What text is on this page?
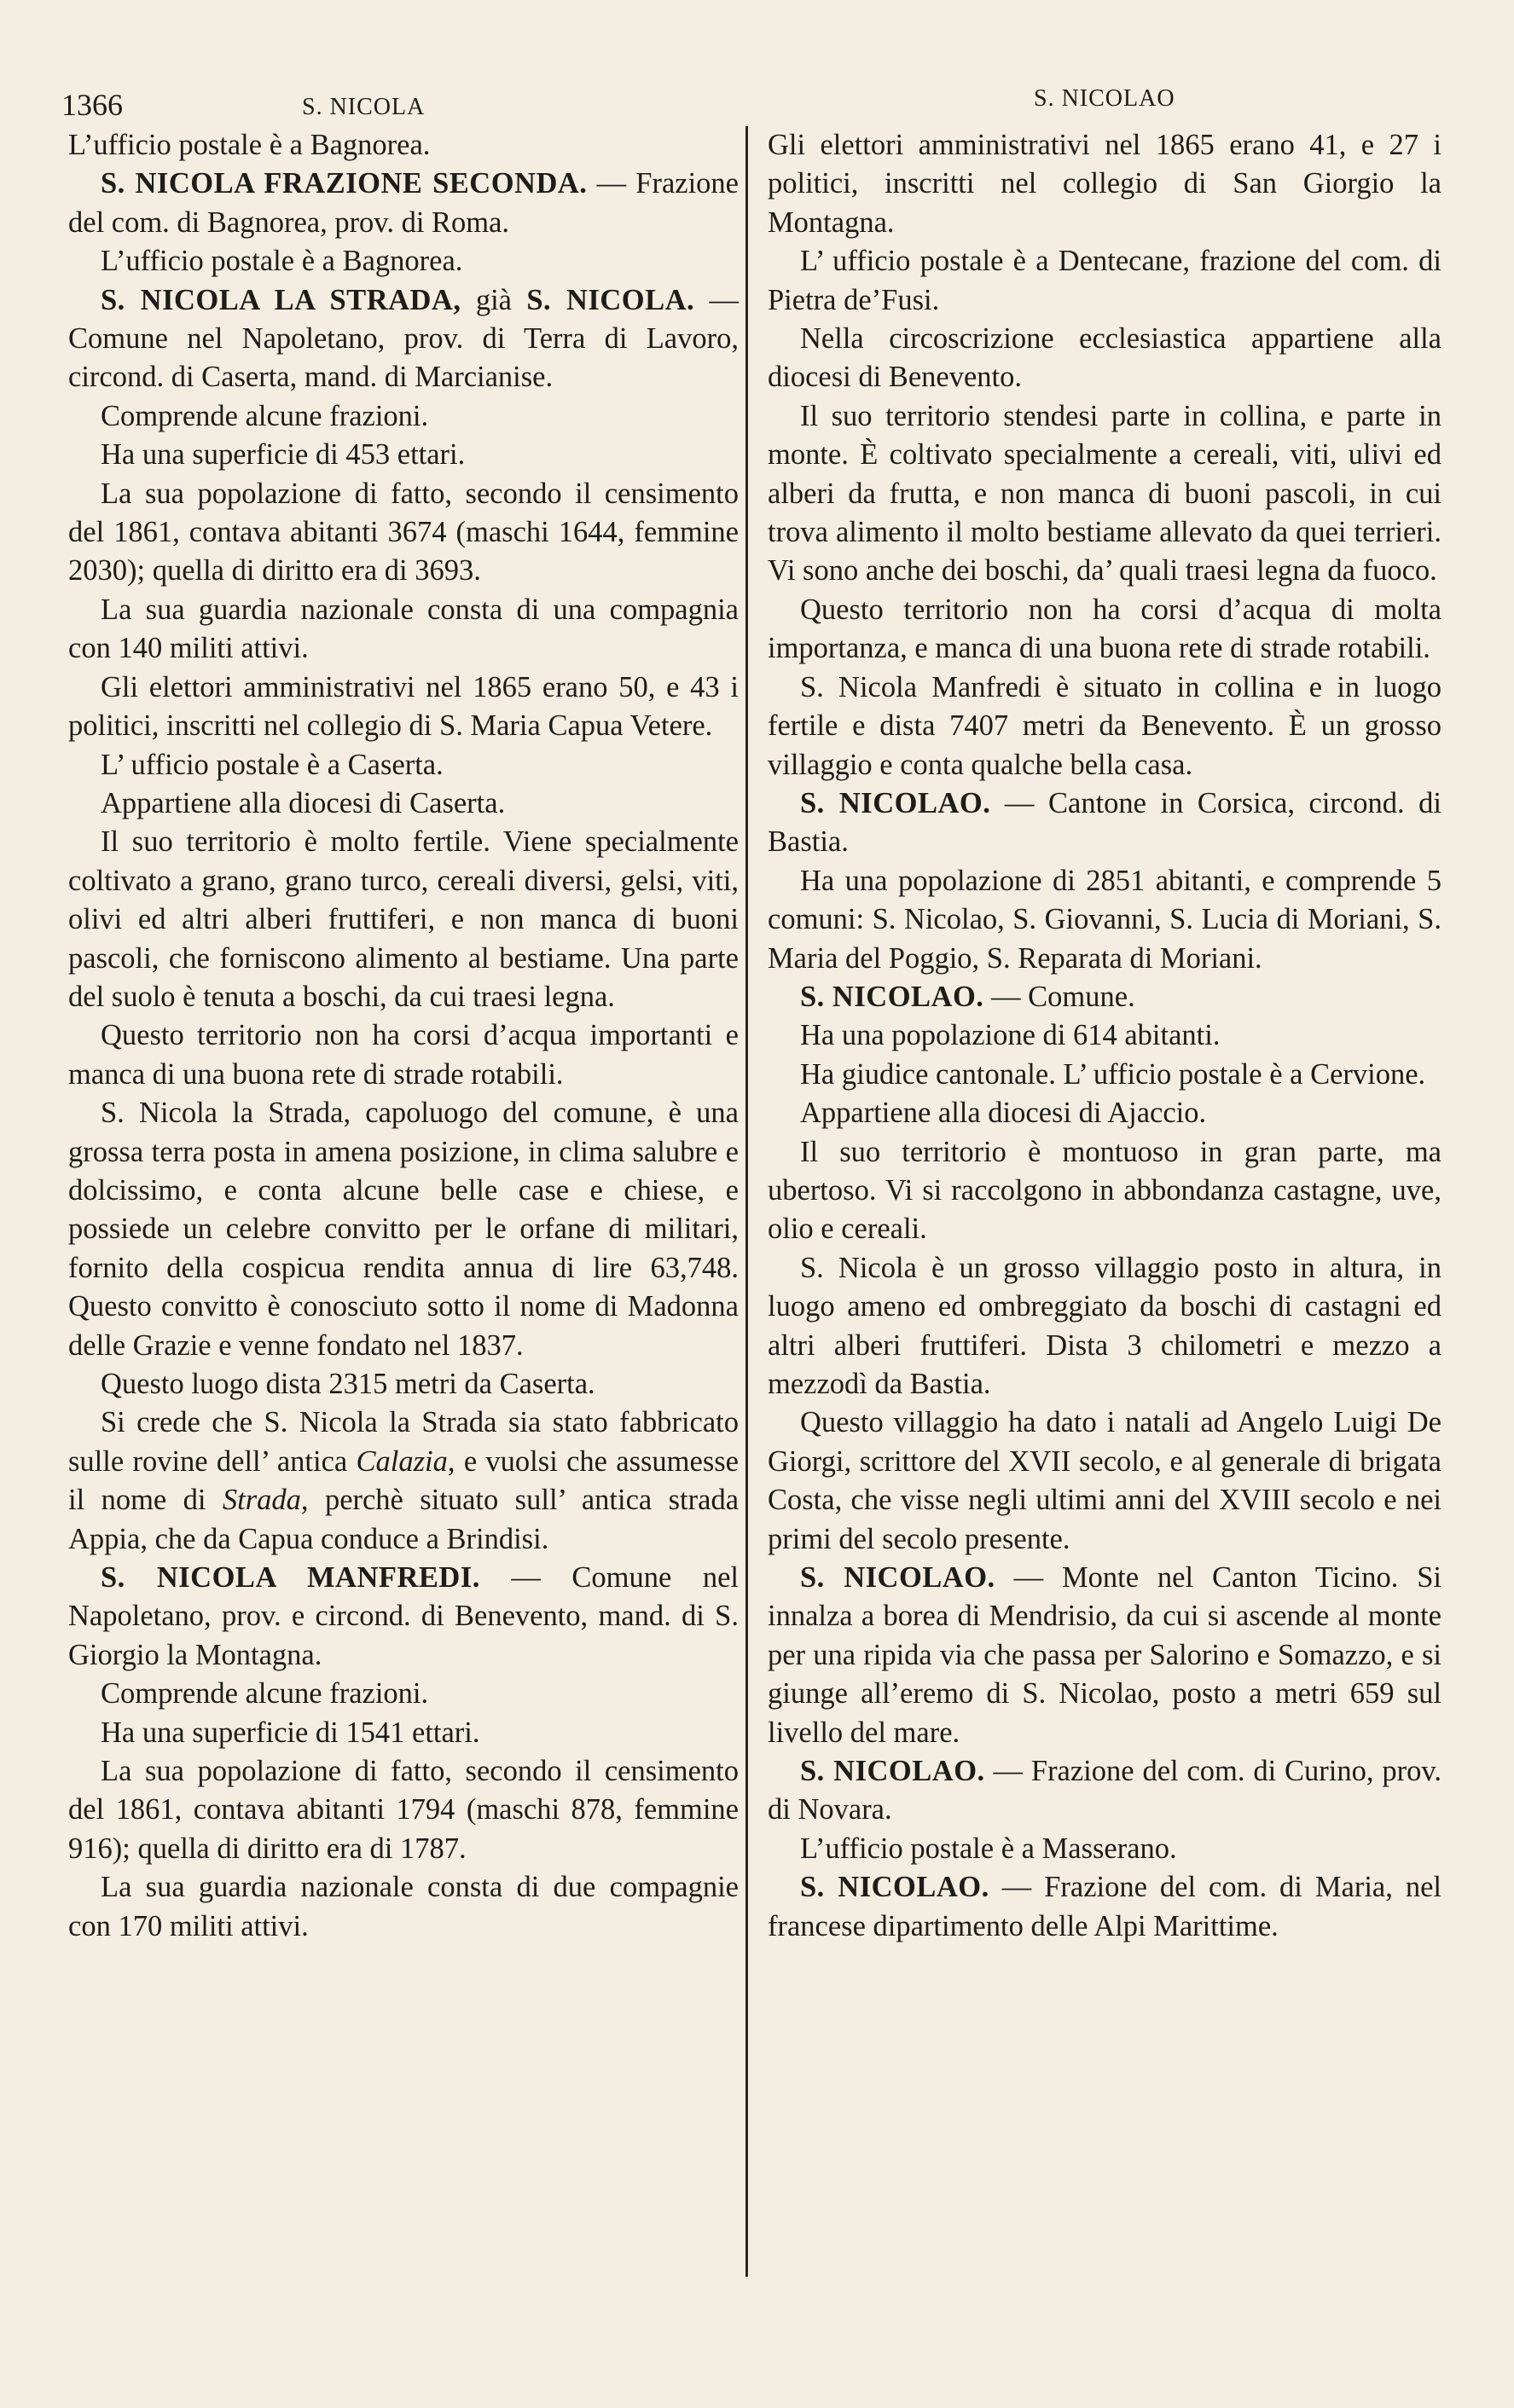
1366	S. NICOLA	S. NICOLAO

L’ufficio postale è a Bagnorea.

S. NICOLA FRAZIONE SECONDA. — Frazione del com. di Bagnorea, prov. di Roma.

L’ufficio postale è a Bagnorea.

S. NICOLA LA STRADA, già S. NICOLA. — Comune nel Napoletano, prov. di Terra di Lavoro, circond. di Caserta, mand. di Marcianise.

Comprende alcune frazioni.

Ha una superficie di 453 ettari.

La sua popolazione di fatto, secondo il censimento del 1861, contava abitanti 3674 (maschi 1644, femmine 2030); quella di diritto era di 3693.

La sua guardia nazionale consta di una compagnia con 140 militi attivi.

Gli elettori amministrativi nel 1865 erano 50, e 43 i politici, inscritti nel collegio di S. Maria Capua Vetere.

L’ ufficio postale è a Caserta.

Appartiene alla diocesi di Caserta.

Il suo territorio è molto fertile. Viene specialmente coltivato a grano, grano turco, cereali diversi, gelsi, viti, olivi ed altri alberi fruttiferi, e non manca di buoni pascoli, che forniscono alimento al bestiame. Una parte del suolo è tenuta a boschi, da cui traesi legna.

Questo territorio non ha corsi d’acqua importanti e manca di una buona rete di strade rotabili.

S. Nicola la Strada, capoluogo del comune, è una grossa terra posta in amena posizione, in clima salubre e dolcissimo, e conta alcune belle case e chiese, e possiede un celebre convitto per le orfane di militari, fornito della cospicua rendita annua di lire 63,748. Questo convitto è conosciuto sotto il nome di Madonna delle Grazie e venne fondato nel 1837.

Questo luogo dista 2315 metri da Caserta.

Si crede che S. Nicola la Strada sia stato fabbricato sulle rovine dell’ antica Calazia, e vuolsi che assumesse il nome di Strada, perchè situato sull’ antica strada Appia, che da Capua conduce a Brindisi.

S. NICOLA MANFREDI. — Comune nel Napoletano, prov. e circond. di Benevento, mand. di S. Giorgio la Montagna.

Comprende alcune frazioni.

Ha una superficie di 1541 ettari.

La sua popolazione di fatto, secondo il censimento del 1861, contava abitanti 1794 (maschi 878, femmine 916); quella di diritto era di 1787.

La sua guardia nazionale consta di due compagnie con 170 militi attivi.

Gli elettori amministrativi nel 1865 erano 41, e 27 i politici, inscritti nel collegio di San Giorgio la Montagna.

L’ ufficio postale è a Dentecane, frazione del com. di Pietra de’Fusi.

Nella circoscrizione ecclesiastica appartiene alla diocesi di Benevento.

Il suo territorio stendesi parte in collina, e parte in monte. È coltivato specialmente a cereali, viti, ulivi ed alberi da frutta, e non manca di buoni pascoli, in cui trova alimento il molto bestiame allevato da quei terrieri. Vi sono anche dei boschi, da’ quali traesi legna da fuoco.

Questo territorio non ha corsi d’acqua di molta importanza, e manca di una buona rete di strade rotabili.

S. Nicola Manfredi è situato in collina e in luogo fertile e dista 7407 metri da Benevento. È un grosso villaggio e conta qualche bella casa.

S. NICOLAO. — Cantone in Corsica, circond. di Bastia.

Ha una popolazione di 2851 abitanti, e comprende 5 comuni: S. Nicolao, S. Giovanni, S. Lucia di Moriani, S. Maria del Poggio, S. Reparata di Moriani.

S. NICOLAO. — Comune.

Ha una popolazione di 614 abitanti.

Ha giudice cantonale. L’ ufficio postale è a Cervione.

Appartiene alla diocesi di Ajaccio.

Il suo territorio è montuoso in gran parte, ma ubertoso. Vi si raccolgono in abbondanza castagne, uve, olio e cereali.

S. Nicola è un grosso villaggio posto in altura, in luogo ameno ed ombreggiato da boschi di castagni ed altri alberi fruttiferi. Dista 3 chilometri e mezzo a mezzodì da Bastia.

Questo villaggio ha dato i natali ad Angelo Luigi De Giorgi, scrittore del XVII secolo, e al generale di brigata Costa, che visse negli ultimi anni del XVIII secolo e nei primi del secolo presente.

S. NICOLAO. — Monte nel Canton Ticino. Si innalza a borea di Mendrisio, da cui si ascende al monte per una ripida via che passa per Salorino e Somazzo, e si giunge all’eremo di S. Nicolao, posto a metri 659 sul livello del mare.

S. NICOLAO. — Frazione del com. di Curino, prov. di Novara.

L’ufficio postale è a Masserano.

S. NICOLAO. — Frazione del com. di Maria, nel francese dipartimento delle Alpi Marittime.
